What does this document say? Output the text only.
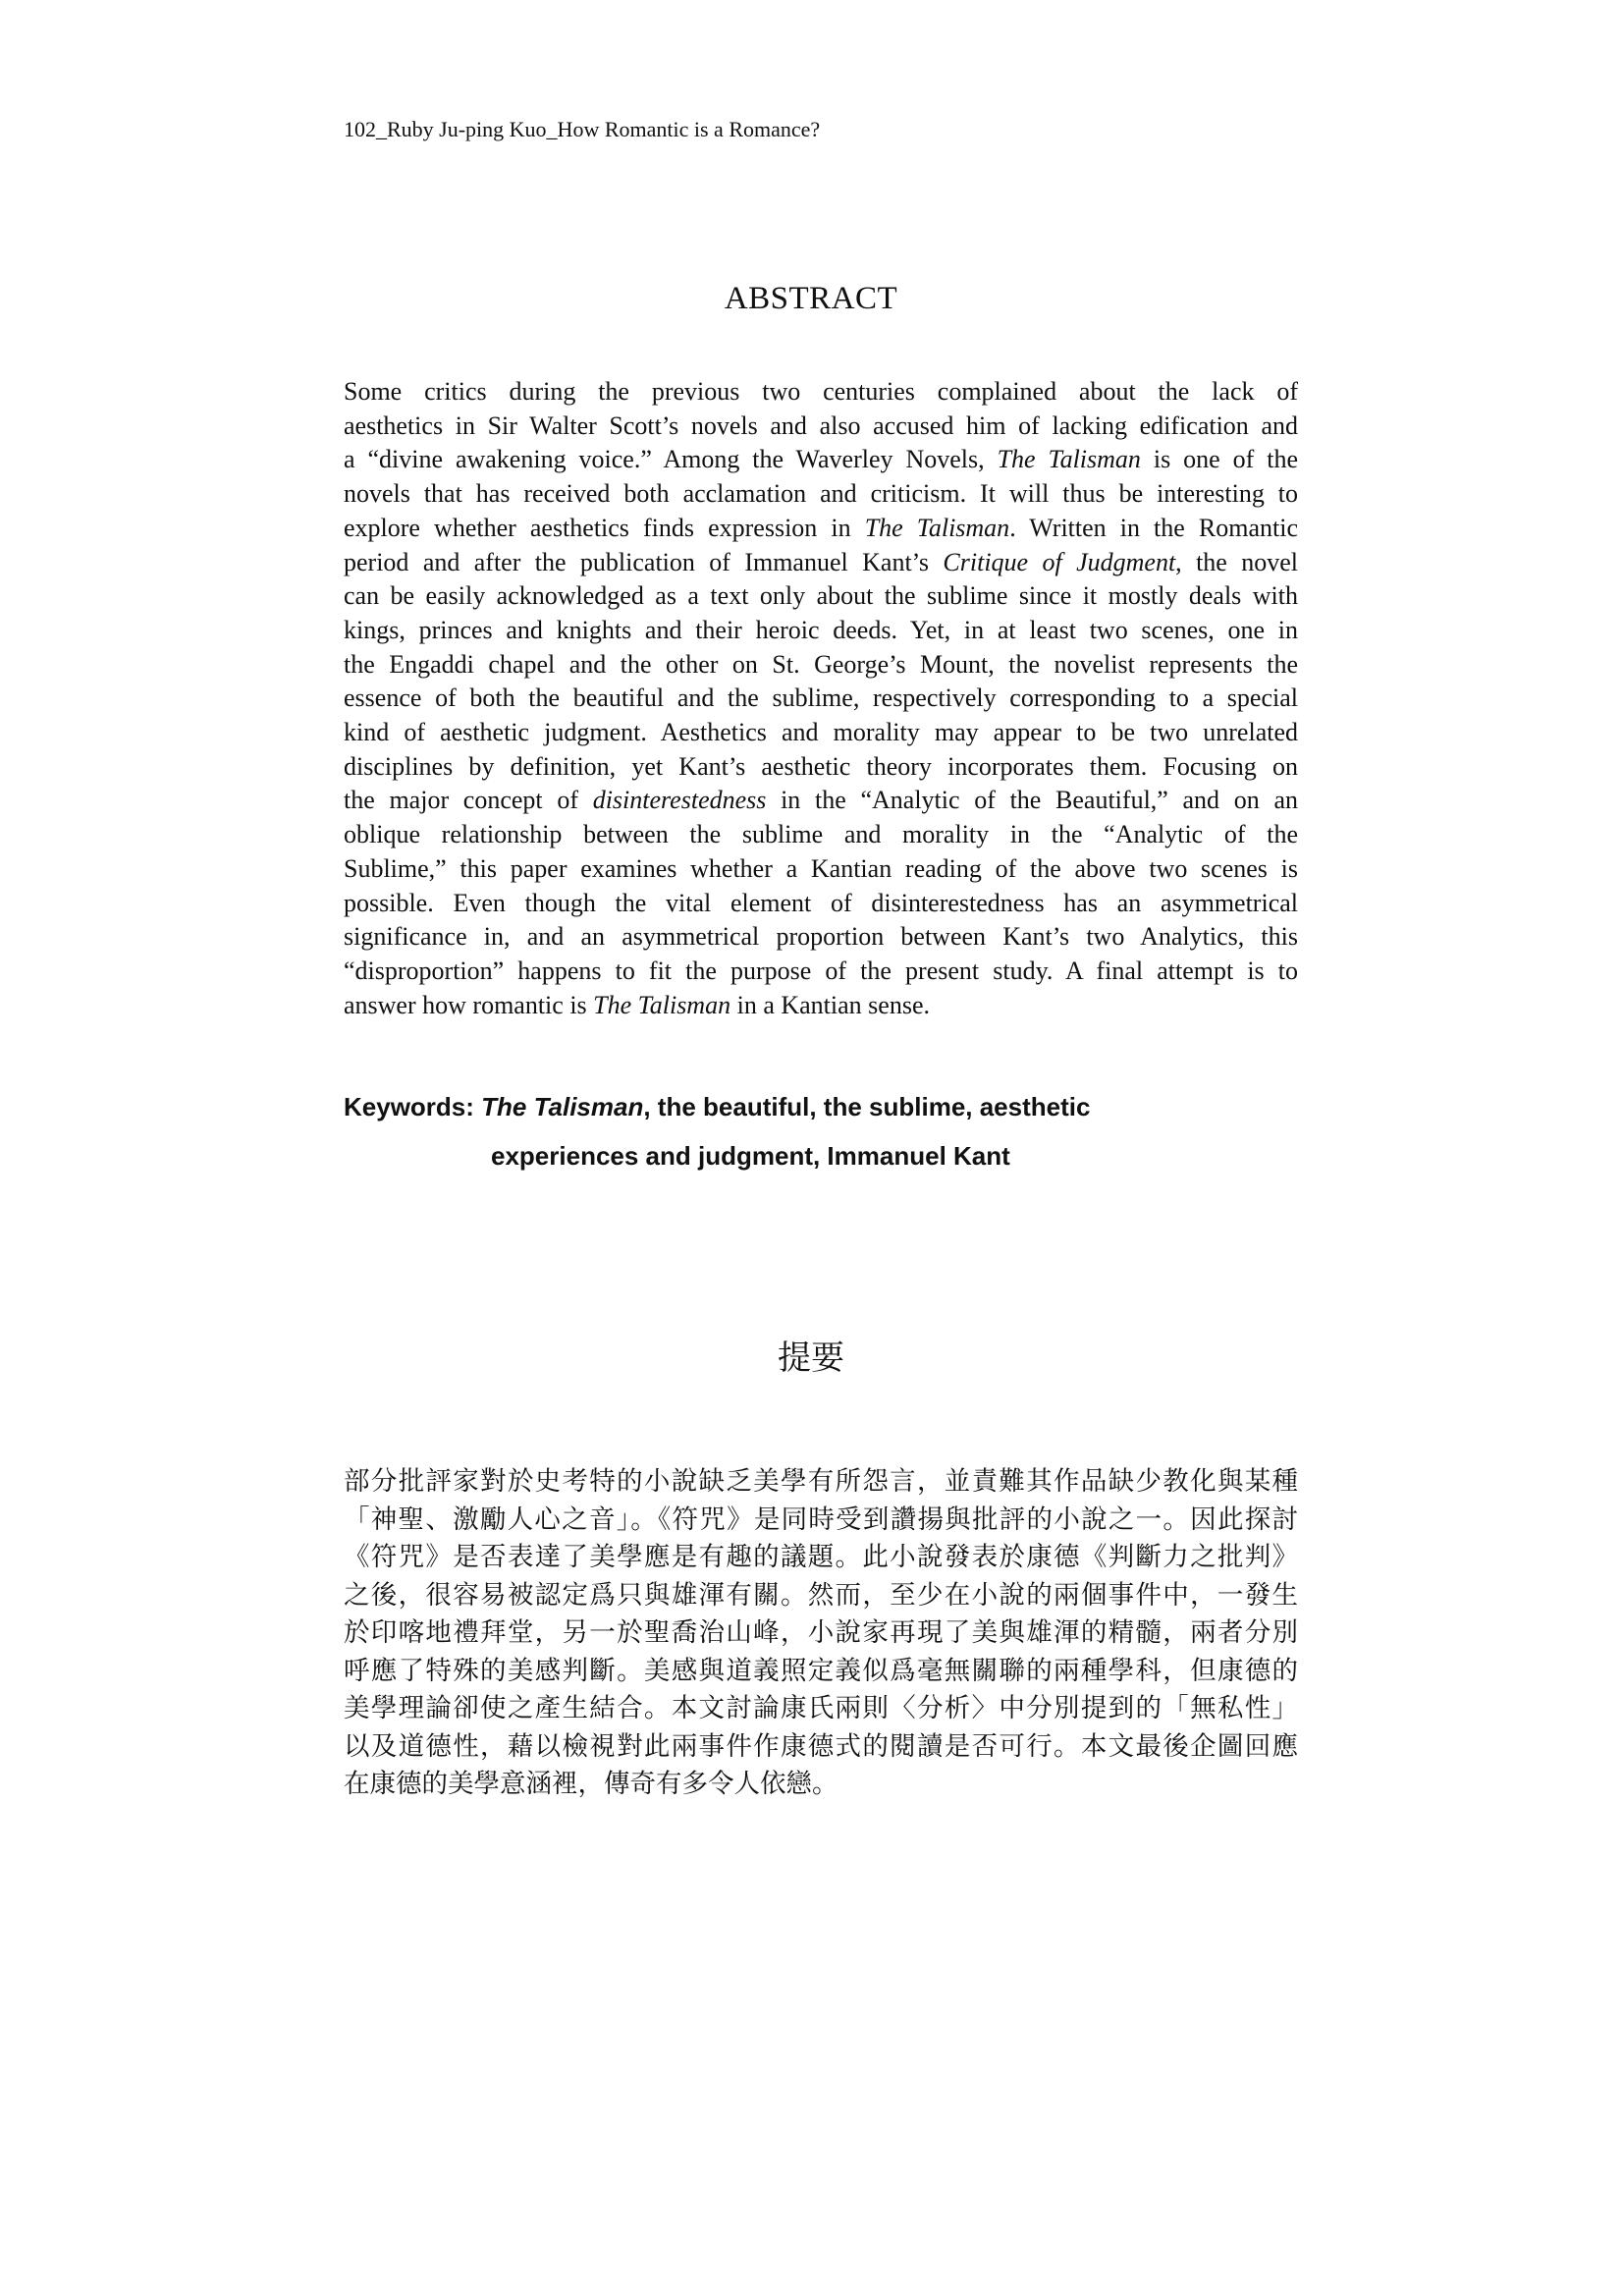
102_Ruby Ju-ping Kuo_How Romantic is a Romance?
ABSTRACT
Some critics during the previous two centuries complained about the lack of
aesthetics in Sir Walter Scott’s novels and also accused him of lacking edification and
a “divine awakening voice.” Among the Waverley Novels, The Talisman is one of the
novels that has received both acclamation and criticism. It will thus be interesting to
explore whether aesthetics finds expression in The Talisman. Written in the Romantic
period and after the publication of Immanuel Kant’s Critique of Judgment, the novel
can be easily acknowledged as a text only about the sublime since it mostly deals with
kings, princes and knights and their heroic deeds. Yet, in at least two scenes, one in
the Engaddi chapel and the other on St. George’s Mount, the novelist represents the
essence of both the beautiful and the sublime, respectively corresponding to a special
kind of aesthetic judgment. Aesthetics and morality may appear to be two unrelated
disciplines by definition, yet Kant’s aesthetic theory incorporates them. Focusing on
the major concept of disinterestedness in the “Analytic of the Beautiful,” and on an
oblique relationship between the sublime and morality in the “Analytic of the
Sublime,” this paper examines whether a Kantian reading of the above two scenes is
possible. Even though the vital element of disinterestedness has an asymmetrical
significance in, and an asymmetrical proportion between Kant’s two Analytics, this
“disproportion” happens to fit the purpose of the present study. A final attempt is to
answer how romantic is The Talisman in a Kantian sense.
Keywords: The Talisman, the beautiful, the sublime, aesthetic
experiences and judgment, Immanuel Kant
提要
部分批評家對於史考特的小說缺乏美學有所怨言，並責難其作品缺少教化與某種
「神聖、激勵人心之音」。《符咒》是同時受到讚揚與批評的小說之一。因此探討
《符咒》是否表達了美學應是有趣的議題。此小說發表於康德《判斷力之批判》
之後，很容易被認定爲只與雄渾有關。然而，至少在小說的兩個事件中，一發生
於印喀地禮拜堂，另一於聖喬治山峰，小說家再現了美與雄渾的精髓，兩者分別
呼應了特殊的美感判斷。美感與道義照定義似爲毫無關聯的兩種學科，但康德的
美學理論卻使之產生結合。本文討論康氏兩則〈分析〉中分別提到的「無私性」
以及道德性，藉以檢視對此兩事件作康德式的閱讀是否可行。本文最後企圖回應
在康德的美學意涵裡，傳奇有多令人依戀。
